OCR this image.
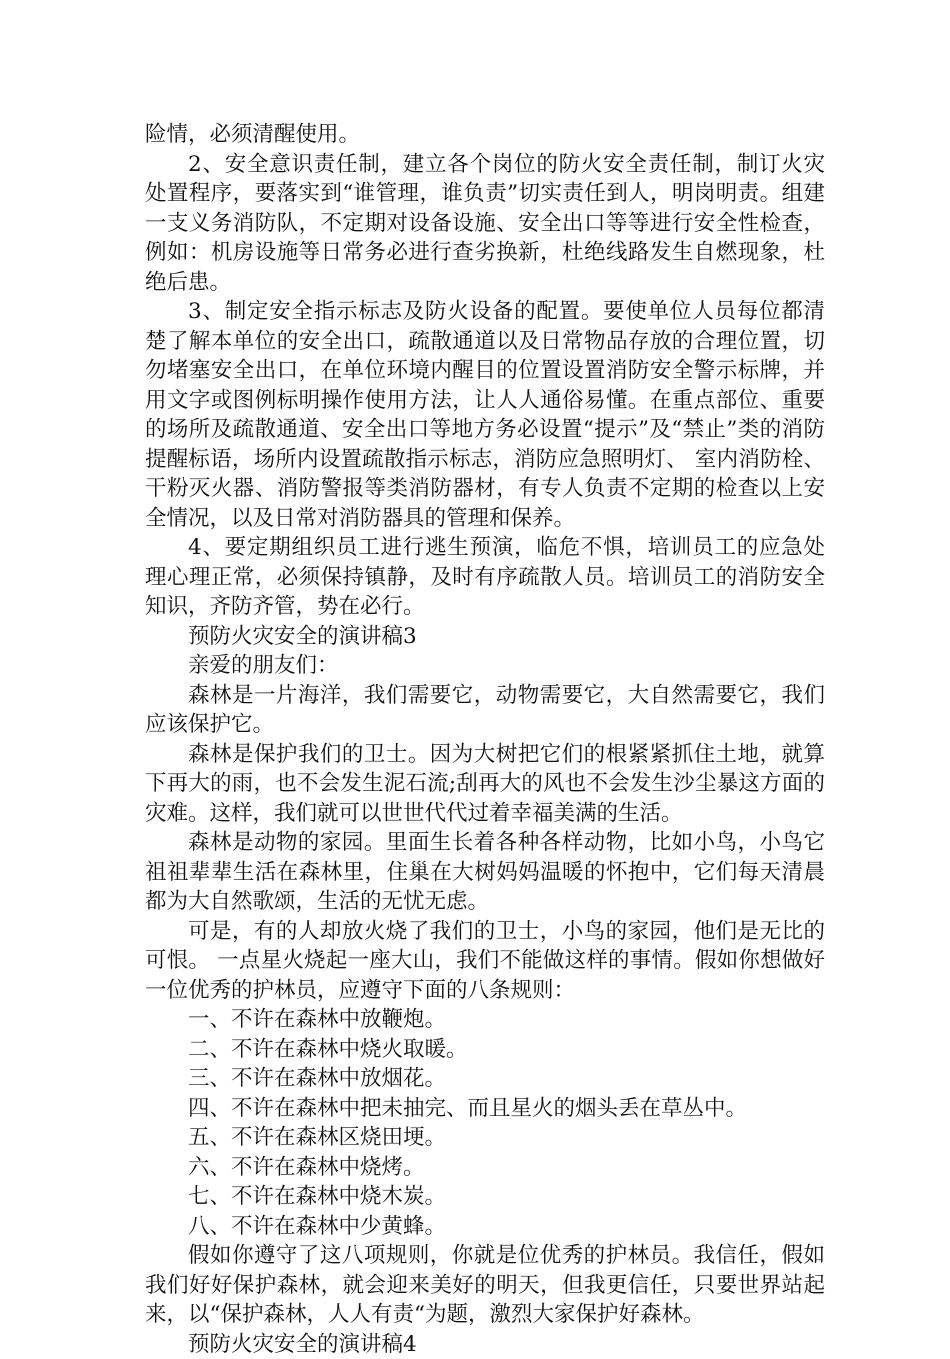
险情，必须清醒使用。

2、安全意识责任制，建立各个岗位的防火安全责任制，制订火灾处置程序，要落实到“谁管理，谁负责”切实责任到人，明岗明责。组建一支义务消防队，不定期对设备设施、安全出口等等进行安全性检查，例如：机房设施等日常务必进行查劣换新，杜绝线路发生自燃现象，杜绝后患。

3、制定安全指示标志及防火设备的配置。要使单位人员每位都清楚了解本单位的安全出口，疏散通道以及日常物品存放的合理位置，切勿堵塞安全出口，在单位环境内醒目的位置设置消防安全警示标牌，并用文字或图例标明操作使用方法，让人人通俗易懂。在重点部位、重要的场所及疏散通道、安全出口等地方务必设置“提示”及“禁止”类的消防提醒标语，场所内设置疏散指示标志，消防应急照明灯、 室内消防栓、干粉灭火器、消防警报等类消防器材，有专人负责不定期的检查以上安全情况，以及日常对消防器具的管理和保养。

4、要定期组织员工进行逃生预演，临危不惧，培训员工的应急处理心理正常，必须保持镇静，及时有序疏散人员。培训员工的消防安全知识，齐防齐管，势在必行。

预防火灾安全的演讲稿3

亲爱的朋友们：

森林是一片海洋，我们需要它，动物需要它，大自然需要它，我们应该保护它。

森林是保护我们的卫士。因为大树把它们的根紧紧抓住土地，就算下再大的雨，也不会发生泥石流;刮再大的风也不会发生沙尘暴这方面的灾难。这样，我们就可以世世代代过着幸福美满的生活。

森林是动物的家园。里面生长着各种各样动物，比如小鸟，小鸟它祖祖辈辈生活在森林里，住巢在大树妈妈温暖的怀抱中，它们每天清晨都为大自然歌颂，生活的无忧无虑。

可是，有的人却放火烧了我们的卫士，小鸟的家园，他们是无比的可恨。 一点星火烧起一座大山，我们不能做这样的事情。假如你想做好一位优秀的护林员，应遵守下面的八条规则：

一、不许在森林中放鞭炮。

二、不许在森林中烧火取暖。

三、不许在森林中放烟花。

四、不许在森林中把未抽完、而且星火的烟头丢在草丛中。

五、不许在森林区烧田埂。

六、不许在森林中烧烤。

七、不许在森林中烧木炭。

八、不许在森林中少黄蜂。

假如你遵守了这八项规则，你就是位优秀的护林员。我信任，假如我们好好保护森林，就会迎来美好的明天，但我更信任，只要世界站起来，以“保护森林，人人有责“为题，激烈大家保护好森林。

预防火灾安全的演讲稿4
